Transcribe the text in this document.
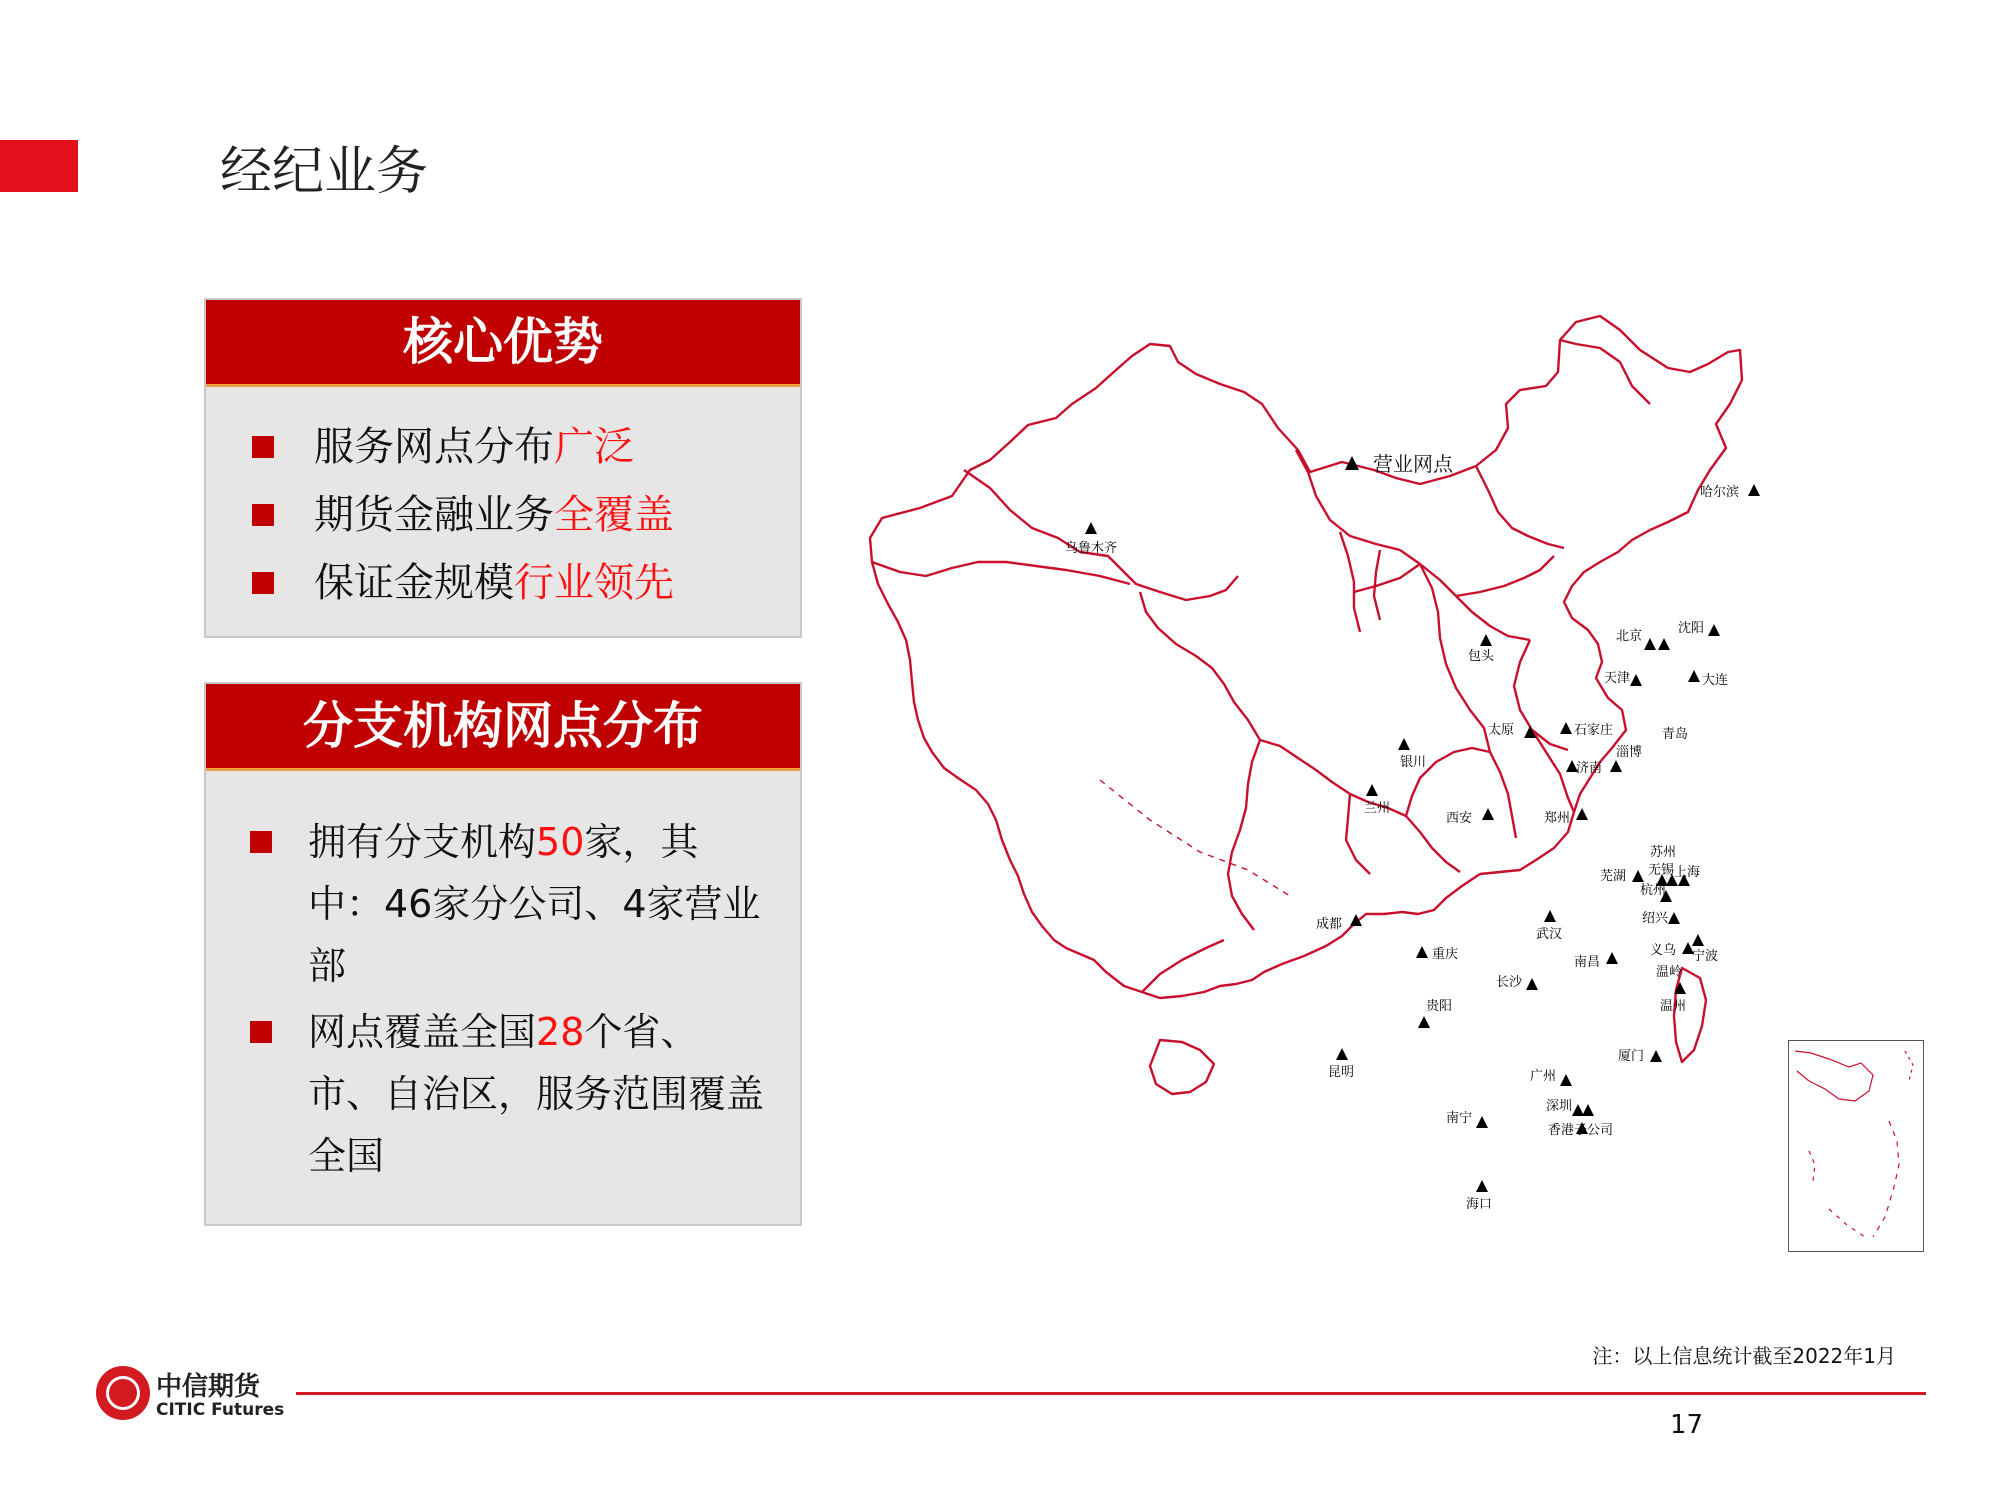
经纪业务
核心优势
服务网点分布 广泛
期货金融业务 全覆盖
保证金规模 行业领先
分支机构网点分布
拥有分支机构50家，其中：46家分公司、4家营业部
网点覆盖全国28个省、市、自治区，服务范围覆盖全国
营业网点
乌鲁木齐
哈尔滨
北京
沈阳
包头
天津	大连
太原	石家庄	青岛
淄博
济南
银川
兰州
西安	郑州
苏州
上海
芜湖 无锡
杭州
绍兴
义乌 宁波
温岭
温州
成都
重庆
武汉
南昌
长沙
贵阳
昆明
厦门
广州
深圳
香港子公司
南宁
海口
注：以上信息统计截至2022年1月
中信期货
CITIC Futures	17
